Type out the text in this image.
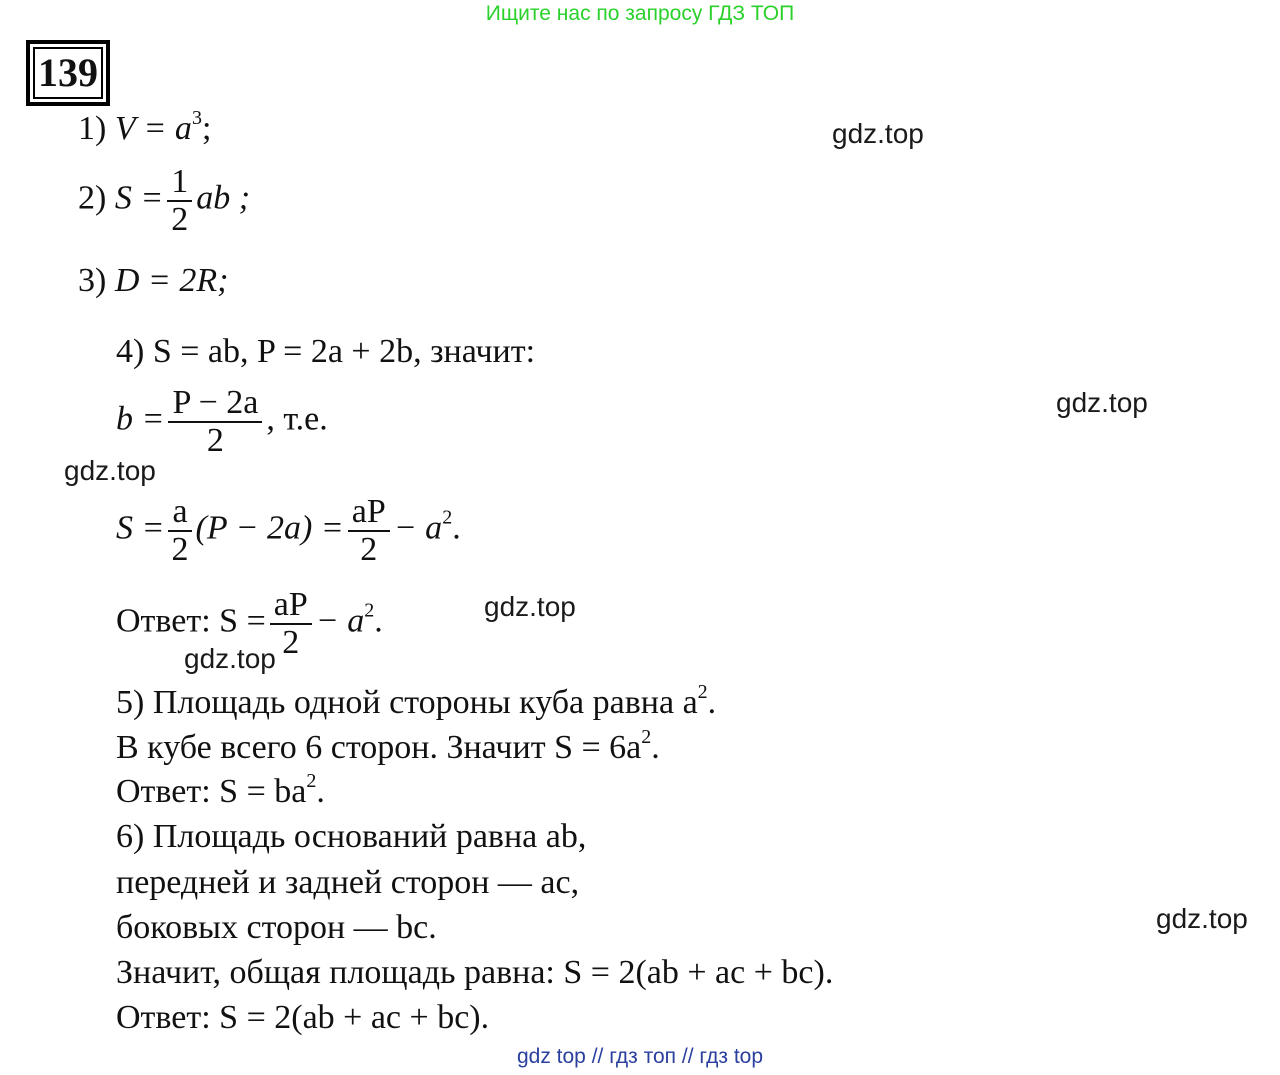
Ищите нас по запросу ГДЗ ТОП
139
gdz.top
gdz.top
gdz.top
gdz.top
gdz.top
gdz.top
1) $V = a^3$;
2) $S = \frac{1}{2}$ ab ;
3) D = 2R;
4) S = ab, P = 2a + 2b, значит:
$b = \frac{P - 2a}{2}$ , т.е.
$S = \frac{a}{2} (P - 2a) = \frac{aP}{2} - a^2$.
Ответ: $S = \frac{aP}{2} - a^2$.
5) Площадь одной стороны куба равна $a^2$.
В кубе всего 6 сторон. Значит $S = 6a^2$.
Ответ: $S = ba^2$.
6) Площадь оснований равна ab,
передней и задней сторон — ac,
боковых сторон — bc.
Значит, общая площадь равна: S = 2(ab + ac + bc).
Ответ: S = 2(ab + ac + bc).
gdz top // гдз топ // гдз top
